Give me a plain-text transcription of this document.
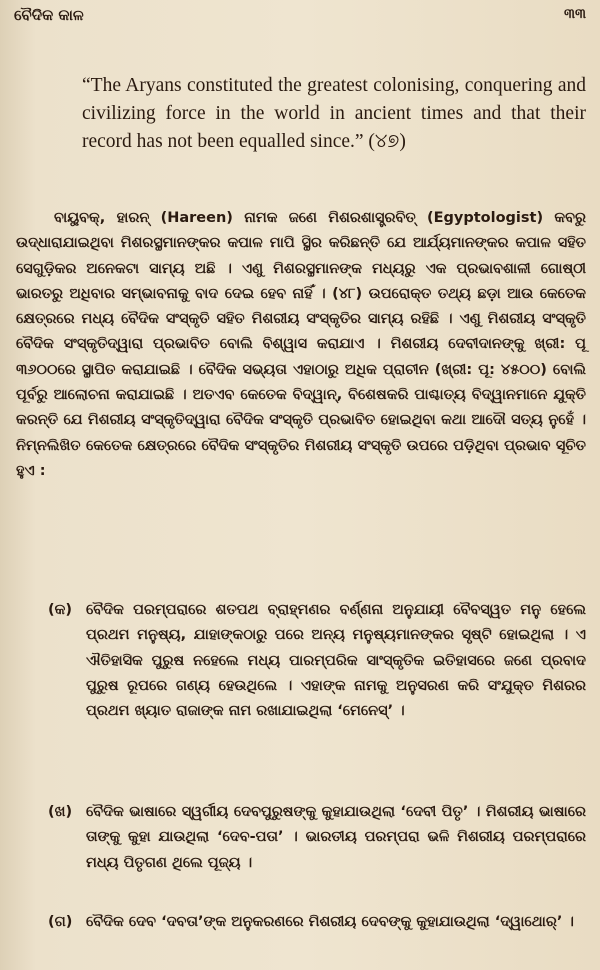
ବୈଦିକ କାଳ	୩୩
“The Aryans constituted the greatest colonising, conquering and civilizing force in the world in ancient times and that their record has not been equalled since.” (୪୭)
ବାୟୁବକ୍, ହାରନ୍ (Hareen) ନାମକ ଜଣେ ମିଶରଶାସ୍ତ୍ରବିତ୍ (Egyptologist) କବରୁ ଉଦ୍ଧାରାଯାଇଥିବା ମିଶରସ୍ଥମାନଙ୍କର କପାଳ ମାପି ସ୍ଥିର କରିଛନ୍ତି ଯେ ଆର୍ଯ୍ୟମାନଙ୍କର କପାଳ ସହିତ ସେଗୁଡ଼ିକର ଅନେକଟା ସାମ୍ୟ ଅଛି । ଏଣୁ ମିଶରସ୍ଥମାନଙ୍କ ମଧ୍ୟରୁ ଏକ ପ୍ରଭାବଶାଳୀ ଗୋଷ୍ଠୀ ଭାରତରୁ ଅଧିବାର ସମ୍ଭାବନାକୁ ବାଦ ଦେଇ ହେବ ନାହିଁ । (୪୮) ଉପରୋକ୍ତ ତଥ୍ୟ ଛଡ଼ା ଆଉ କେତେକ କ୍ଷେତ୍ରରେ ମଧ୍ୟ ବୈଦିକ ସଂସ୍କୃତି ସହିତ ମିଶରୀୟ ସଂସ୍କୃତିର ସାମ୍ୟ ରହିଛି । ଏଣୁ ମିଶରୀୟ ସଂସ୍କୃତି ବୈଦିକ ସଂସ୍କୃତିଦ୍ୱାରା ପ୍ରଭାବିତ ବୋଲି ବିଶ୍ୱାସ କରାଯାଏ । ମିଶରୀୟ ଦେବୀଦାନଙ୍କୁ ଖ୍ରୀ: ପୂ ୩୬୦୦ରେ ସ୍ଥାପିତ କରାଯାଇଛି । ବୈଦିକ ସଭ୍ୟତା ଏହାଠାରୁ ଅଧିକ ପ୍ରାଚୀନ (ଖ୍ରୀ: ପୂ: ୪୫୦୦) ବୋଲି ପୂର୍ବରୁ ଆଲୋଚନା କରାଯାଇଛି । ଅତଏବ କେତେକ ବିଦ୍ୱାନ୍, ବିଶେଷକରି ପାଶ୍ଚାତ୍ୟ ବିଦ୍ୱାନମାନେ ଯୁକ୍ତି କରନ୍ତି ଯେ ମିଶରୀୟ ସଂସ୍କୃତିଦ୍ୱାରା ବୈଦିକ ସଂସ୍କୃତି ପ୍ରଭାବିତ ହୋଇଥିବା କଥା ଆଦୌ ସତ୍ୟ ନୁହେଁ । ନିମ୍ନଲିଖିତ କେତେକ କ୍ଷେତ୍ରରେ ବୈଦିକ ସଂସ୍କୃତିର ମିଶରୀୟ ସଂସ୍କୃତି ଉପରେ ପଡ଼ିଥିବା ପ୍ରଭାବ ସୂଚିତ ହୁଏ :
(କ) ବୈଦିକ ପରମ୍ପରାରେ ଶତପଥ ବ୍ରାହ୍ମଣର ବର୍ଣ୍ଣନା ଅନୁଯାୟୀ ବୈବସ୍ୱତ ମନୁ ହେଲେ ପ୍ରଥମ ମନୁଷ୍ୟ, ଯାହାଙ୍କଠାରୁ ପରେ ଅନ୍ୟ ମନୁଷ୍ୟମାନଙ୍କର ସୃଷ୍ଟି ହୋଇଥିଲା । ଏ ଐତିହାସିକ ପୁରୁଷ ନହେଲେ ମଧ୍ୟ ପାରମ୍ପରିକ ସାଂସ୍କୃତିକ ଇତିହାସରେ ଜଣେ ପ୍ରବାଦ ପୁରୁଷ ରୂପରେ ଗଣ୍ୟ ହେଉଥିଲେ । ଏହାଙ୍କ ନାମକୁ ଅନୁସରଣ କରି ସଂଯୁକ୍ତ ମିଶରର ପ୍ରଥମ ଖ୍ୟାତ ରାଜାଙ୍କ ନାମ ରଖାଯାଇଥିଲା ‘ମେନେସ୍’ ।
(ଖ) ବୈଦିକ ଭାଷାରେ ସ୍ୱର୍ଗୀୟ ଦେବପୁରୁଷଙ୍କୁ କୁହାଯାଉଥିଲା ‘ଦେବୀ ପିତୃ’ । ମିଶରୀୟ ଭାଷାରେ ତାଙ୍କୁ କୁହା ଯାଉଥିଲା ‘ଦେବ-ପତା’ । ଭାରତୀୟ ପରମ୍ପରା ଭଳି ମିଶରୀୟ ପରମ୍ପରାରେ ମଧ୍ୟ ପିତୃଗଣ ଥିଲେ ପୂଜ୍ୟ ।
(ଗ) ବୈଦିକ ଦେବ ‘ଦବତା’ଙ୍କ ଅନୁକରଣରେ ମିଶରୀୟ ଦେବଙ୍କୁ କୁହାଯାଉଥିଲା ‘ଦ୍ୱାଥୋର୍’ ।
